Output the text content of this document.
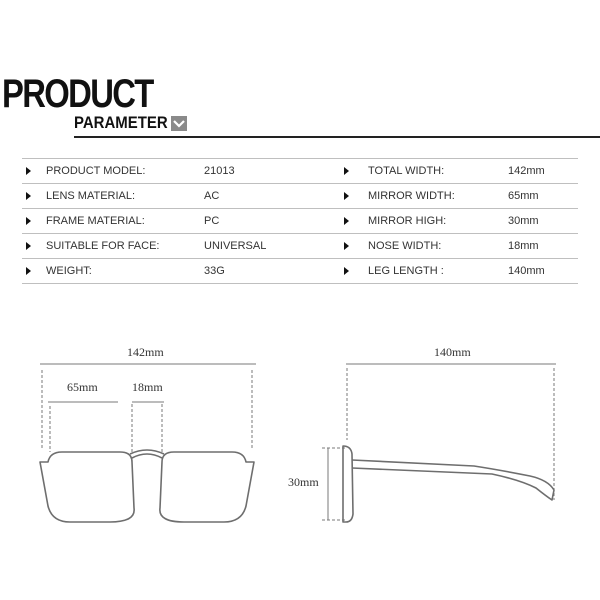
PRODUCT
PARAMETER
PRODUCT MODEL:	21013	TOTAL WIDTH:	142mm
LENS MATERIAL:	AC	MIRROR WIDTH:	65mm
FRAME MATERIAL:	PC	MIRROR HIGH:	30mm
SUITABLE FOR FACE:	UNIVERSAL	NOSE WIDTH:	18mm
WEIGHT:	33G	LEG LENGTH :	140mm
142mm
65mm	18mm
140mm
30mm
